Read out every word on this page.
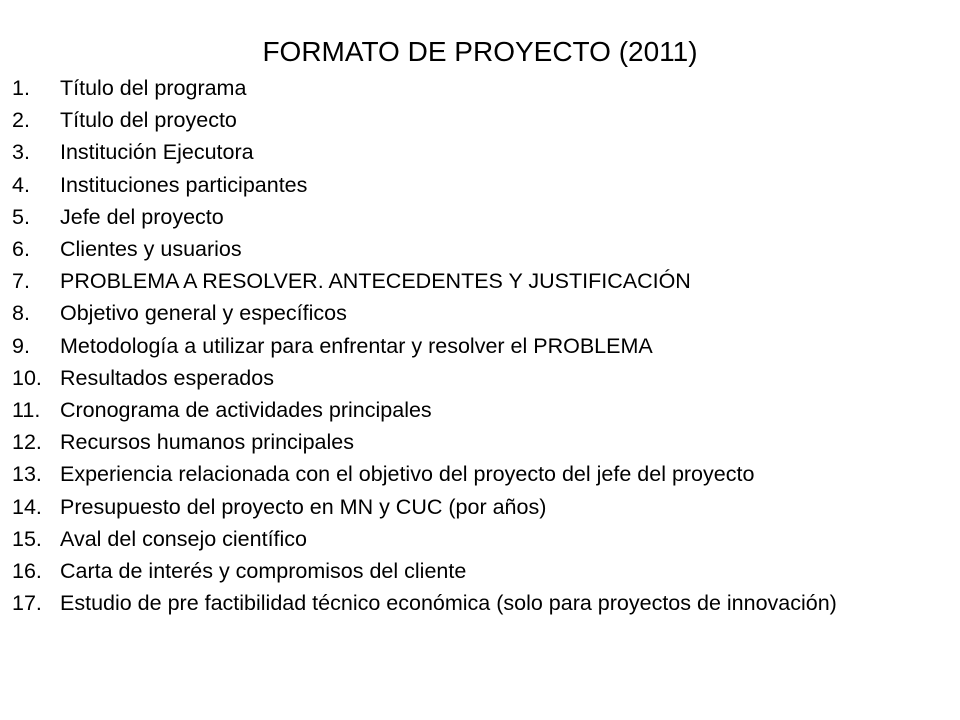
FORMATO DE PROYECTO (2011)
1.	Título del programa
2.	Título del proyecto
3.	Institución Ejecutora
4.	Instituciones participantes
5.	Jefe del proyecto
6.	Clientes y usuarios
7.	PROBLEMA A RESOLVER. ANTECEDENTES Y JUSTIFICACIÓN
8.	Objetivo general y específicos
9.	Metodología a utilizar para enfrentar y resolver el PROBLEMA
10. Resultados esperados
11. Cronograma de actividades principales
12. Recursos humanos principales
13. Experiencia relacionada con el objetivo del proyecto del jefe del proyecto
14. Presupuesto del proyecto en MN y CUC (por años)
15. Aval del consejo científico
16. Carta de interés y compromisos del cliente
17. Estudio de pre factibilidad técnico económica (solo para proyectos de innovación)
